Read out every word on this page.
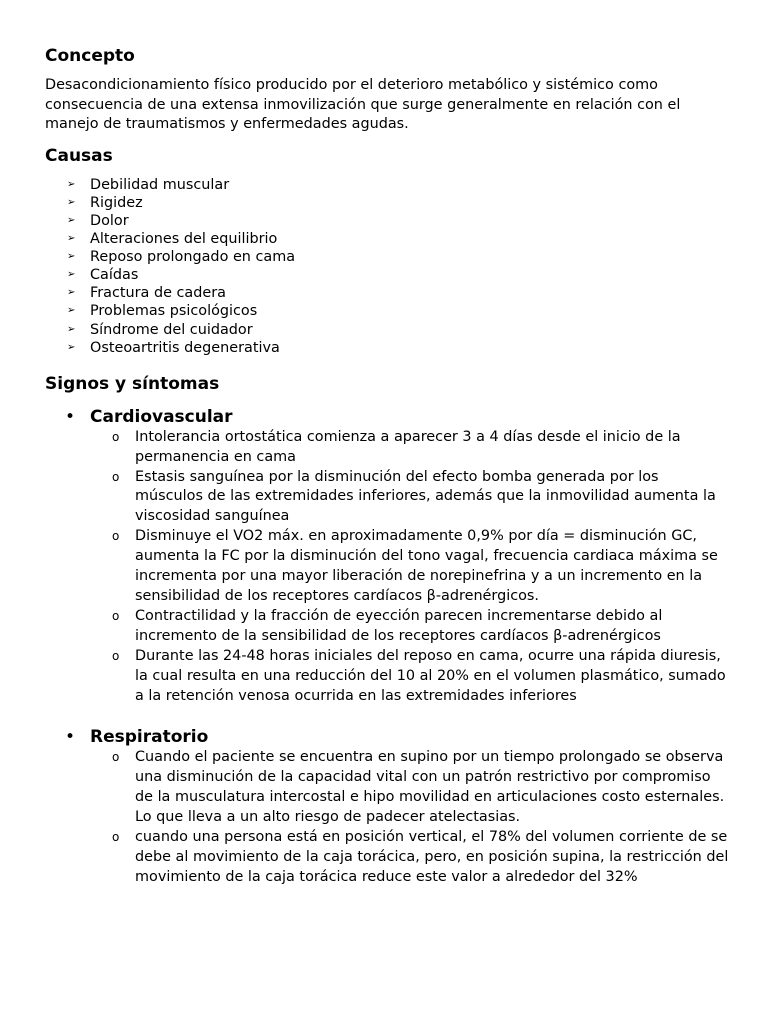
Concepto

Desacondicionamiento físico producido por el deterioro metabólico y sistémico como consecuencia de una extensa inmovilización que surge generalmente en relación con el manejo de traumatismos y enfermedades agudas.

Causas
➢ Debilidad muscular
➢ Rigidez
➢ Dolor
➢ Alteraciones del equilibrio
➢ Reposo prolongado en cama
➢ Caídas
➢ Fractura de cadera
➢ Problemas psicológicos
➢ Síndrome del cuidador
➢ Osteoartritis degenerativa
Signos y síntomas
• Cardiovascular
o Intolerancia ortostática comienza a aparecer 3 a 4 días desde el inicio de la permanencia en cama
o Estasis sanguínea por la disminución del efecto bomba generada por los músculos de las extremidades inferiores, además que la inmovilidad aumenta la viscosidad sanguínea
o Disminuye el VO2 máx. en aproximadamente 0,9% por día = disminución GC, aumenta la FC por la disminución del tono vagal, frecuencia cardiaca máxima se incrementa por una mayor liberación de norepinefrina y a un incremento en la sensibilidad de los receptores cardíacos β-adrenérgicos.
o Contractilidad y la fracción de eyección parecen incrementarse debido al incremento de la sensibilidad de los receptores cardíacos β-adrenérgicos
o Durante las 24-48 horas iniciales del reposo en cama, ocurre una rápida diuresis, la cual resulta en una reducción del 10 al 20% en el volumen plasmático, sumado a la retención venosa ocurrida en las extremidades inferiores
• Respiratorio
o Cuando el paciente se encuentra en supino por un tiempo prolongado se observa una disminución de la capacidad vital con un patrón restrictivo por compromiso de la musculatura intercostal e hipo movilidad en articulaciones costo esternales. Lo que lleva a un alto riesgo de padecer atelectasias.
o cuando una persona está en posición vertical, el 78% del volumen corriente de se debe al movimiento de la caja torácica, pero, en posición supina, la restricción del movimiento de la caja torácica reduce este valor a alrededor del 32%
